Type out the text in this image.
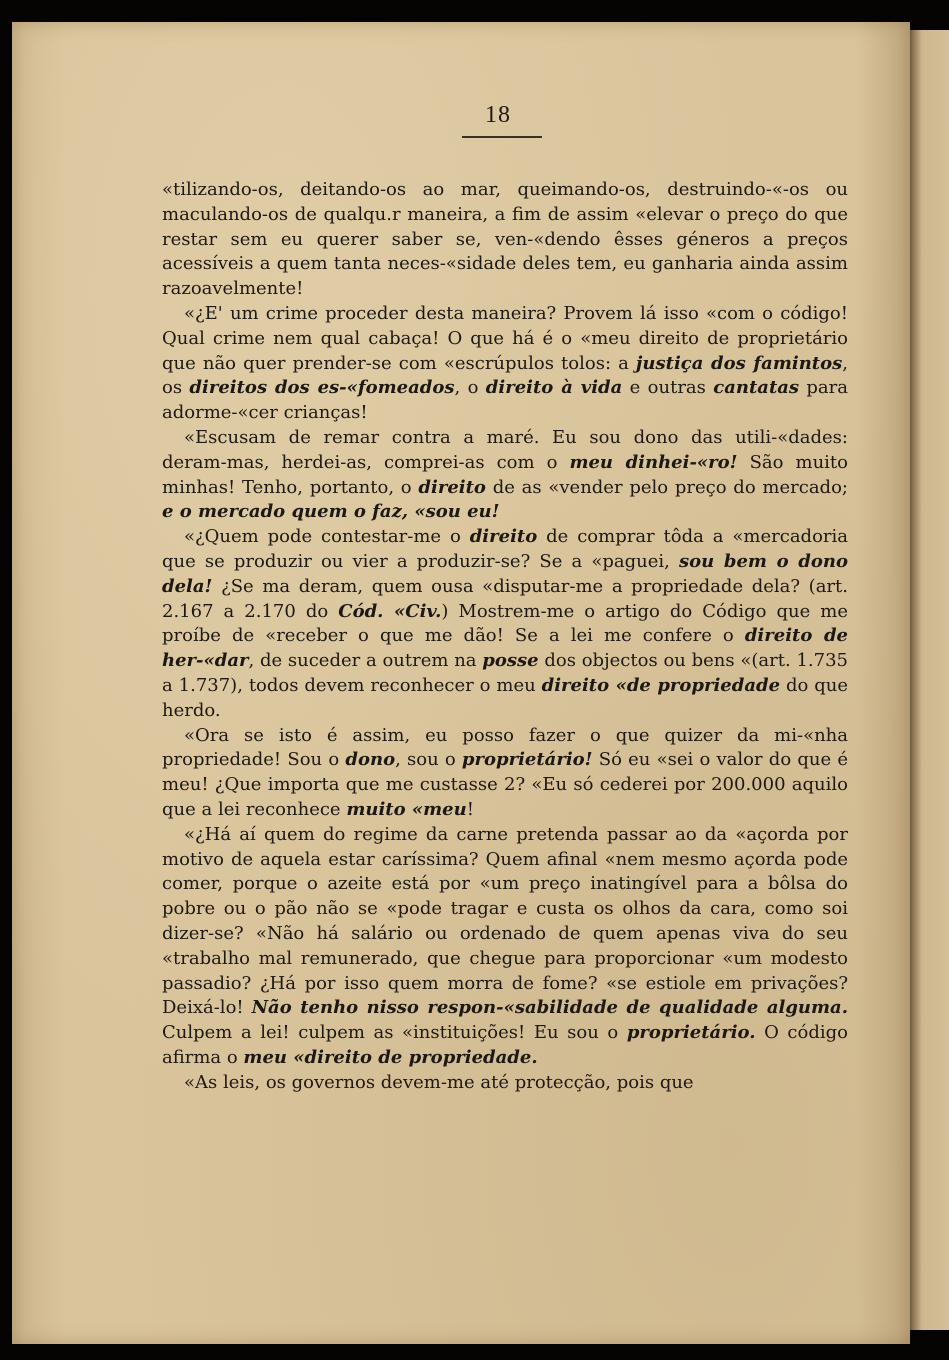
18

«tilizando-os, deitando-os ao mar, queimando-os, destruindo-«-os ou maculando-os de qualqu.r maneira, a fim de assim «elevar o preço do que restar sem eu querer saber se, ven-«dendo êsses géneros a preços acessíveis a quem tanta neces-«sidade deles tem, eu ganharia ainda assim razoavelmente!

«¿E' um crime proceder desta maneira? Provem lá isso «com o código! Qual crime nem qual cabaça! O que há é o «meu direito de proprietário que não quer prender-se com «escrúpulos tolos: a justiça dos famintos, os direitos dos es-«fomeados, o direito à vida e outras cantatas para adorme-«cer crianças!

«Escusam de remar contra a maré. Eu sou dono das utili-«dades: deram-mas, herdei-as, comprei-as com o meu dinhei-«ro! São muito minhas! Tenho, portanto, o direito de as «vender pelo preço do mercado; e o mercado quem o faz, «sou eu!

«¿Quem pode contestar-me o direito de comprar tôda a «mercadoria que se produzir ou vier a produzir-se? Se a «paguei, sou bem o dono dela! ¿Se ma deram, quem ousa «disputar-me a propriedade dela? (art. 2.167 a 2.170 do Cód. «Civ.) Mostrem-me o artigo do Código que me proíbe de «receber o que me dão! Se a lei me confere o direito de her-«dar, de suceder a outrem na posse dos objectos ou bens «(art. 1.735 a 1.737), todos devem reconhecer o meu direito «de propriedade do que herdo.

«Ora se isto é assim, eu posso fazer o que quizer da mi-«nha propriedade! Sou o dono, sou o proprietário! Só eu «sei o valor do que é meu! ¿Que importa que me custasse 2? «Eu só cederei por 200.000 aquilo que a lei reconhece muito «meu!

«¿Há aí quem do regime da carne pretenda passar ao da «açorda por motivo de aquela estar caríssima? Quem afinal «nem mesmo açorda pode comer, porque o azeite está por «um preço inatingível para a bôlsa do pobre ou o pão não se «pode tragar e custa os olhos da cara, como soi dizer-se? «Não há salário ou ordenado de quem apenas viva do seu «trabalho mal remunerado, que chegue para proporcionar «um modesto passadio? ¿Há por isso quem morra de fome? «se estiole em privações? Deixá-lo! Não tenho nisso respon-«sabilidade de qualidade alguma. Culpem a lei! culpem as «instituições! Eu sou o proprietário. O código afirma o meu «direito de propriedade.

«As leis, os governos devem-me até protecção, pois que
